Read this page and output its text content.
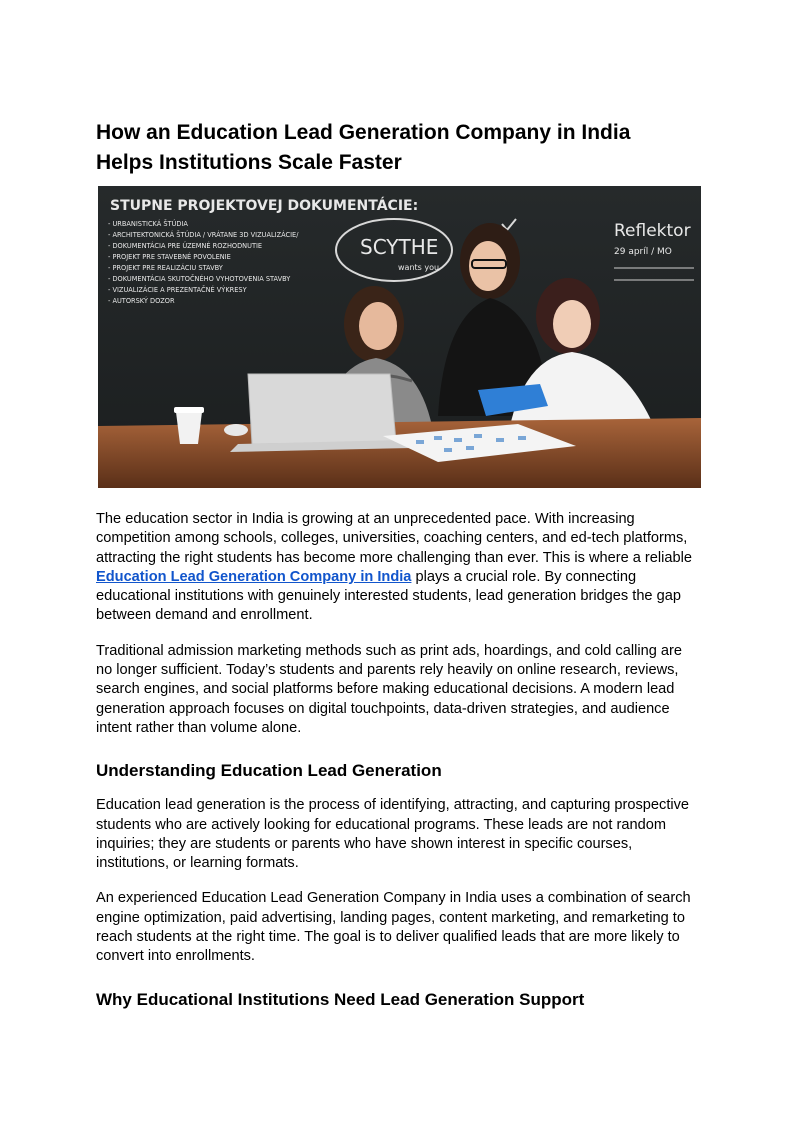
How an Education Lead Generation Company in India
Helps Institutions Scale Faster
STUPNE PROJEKTOVEJ DOKUMENTÁCIE:
- URBANISTICKÁ ŠTÚDIA
- ARCHITEKTONICKÁ ŠTÚDIA / VRÁTANE 3D VIZUALIZÁCIE/
- DOKUMENTÁCIA PRE ÚZEMNÉ ROZHODNUTIE
- PROJEKT PRE STAVEBNÉ POVOLENIE
- PROJEKT PRE REALIZÁCIU STAVBY
- DOKUMENTÁCIA SKUTOČNÉHO VYHOTOVENIA STAVBY
- VIZUALIZÁCIE A PREZENTAČNÉ VÝKRESY
- AUTORSKÝ DOZOR
SCYTHE
wants you
Reflektor
29 apríl / MO

The education sector in India is growing at an unprecedented pace. With increasing competition among schools, colleges, universities, coaching centers, and ed-tech platforms, attracting the right students has become more challenging than ever. This is where a reliable Education Lead Generation Company in India plays a crucial role. By connecting educational institutions with genuinely interested students, lead generation bridges the gap between demand and enrollment.

Traditional admission marketing methods such as print ads, hoardings, and cold calling are no longer sufficient. Today’s students and parents rely heavily on online research, reviews, search engines, and social platforms before making educational decisions. A modern lead generation approach focuses on digital touchpoints, data-driven strategies, and audience intent rather than volume alone.

Understanding Education Lead Generation

Education lead generation is the process of identifying, attracting, and capturing prospective students who are actively looking for educational programs. These leads are not random inquiries; they are students or parents who have shown interest in specific courses, institutions, or learning formats.

An experienced Education Lead Generation Company in India uses a combination of search engine optimization, paid advertising, landing pages, content marketing, and remarketing to reach students at the right time. The goal is to deliver qualified leads that are more likely to convert into enrollments.

Why Educational Institutions Need Lead Generation Support
